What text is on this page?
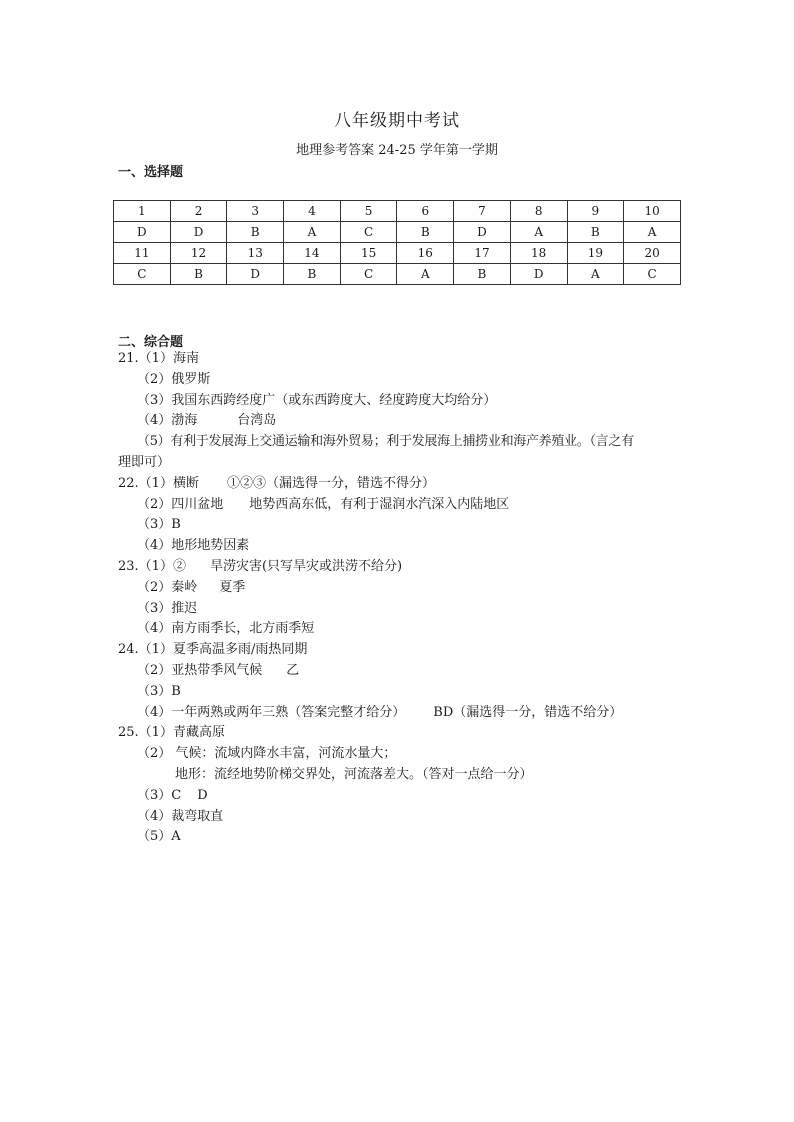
八年级期中考试
地理参考答案 24-25 学年第一学期
一、选择题
1	2	3	4	5	6	7	8	9	10
D	D	B	A	C	B	D	A	B	A
11	12	13	14	15	16	17	18	19	20
C	B	D	B	C	A	B	D	A	C
二、综合题
21.（1）海南
（2）俄罗斯
（3）我国东西跨经度广（或东西跨度大、经度跨度大均给分）
（4）渤海	台湾岛
（5）有利于发展海上交通运输和海外贸易；利于发展海上捕捞业和海产养殖业。（言之有
理即可）
22.（1）横断 ①②③（漏选得一分，错选不得分）
（2）四川盆地 地势西高东低，有利于湿润水汽深入内陆地区
（3）B
（4）地形地势因素
23.（1）② 旱涝灾害(只写旱灾或洪涝不给分)
（2）秦岭 夏季
（3）推迟
（4）南方雨季长，北方雨季短
24.（1）夏季高温多雨/雨热同期
（2）亚热带季风气候 乙
（3）B
（4）一年两熟或两年三熟（答案完整才给分） BD（漏选得一分，错选不给分）
25.（1）青藏高原
（2） 气候：流域内降水丰富，河流水量大；
地形：流经地势阶梯交界处，河流落差大。（答对一点给一分）
（3）C D
（4）裁弯取直
（5）A
